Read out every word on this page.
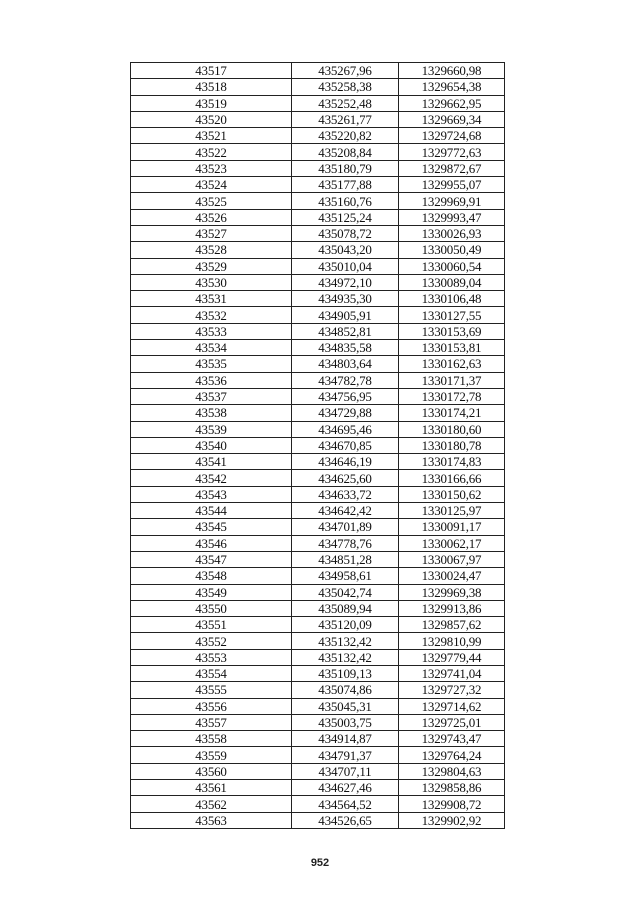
43517	435267,96	1329660,98
43518	435258,38	1329654,38
43519	435252,48	1329662,95
43520	435261,77	1329669,34
43521	435220,82	1329724,68
43522	435208,84	1329772,63
43523	435180,79	1329872,67
43524	435177,88	1329955,07
43525	435160,76	1329969,91
43526	435125,24	1329993,47
43527	435078,72	1330026,93
43528	435043,20	1330050,49
43529	435010,04	1330060,54
43530	434972,10	1330089,04
43531	434935,30	1330106,48
43532	434905,91	1330127,55
43533	434852,81	1330153,69
43534	434835,58	1330153,81
43535	434803,64	1330162,63
43536	434782,78	1330171,37
43537	434756,95	1330172,78
43538	434729,88	1330174,21
43539	434695,46	1330180,60
43540	434670,85	1330180,78
43541	434646,19	1330174,83
43542	434625,60	1330166,66
43543	434633,72	1330150,62
43544	434642,42	1330125,97
43545	434701,89	1330091,17
43546	434778,76	1330062,17
43547	434851,28	1330067,97
43548	434958,61	1330024,47
43549	435042,74	1329969,38
43550	435089,94	1329913,86
43551	435120,09	1329857,62
43552	435132,42	1329810,99
43553	435132,42	1329779,44
43554	435109,13	1329741,04
43555	435074,86	1329727,32
43556	435045,31	1329714,62
43557	435003,75	1329725,01
43558	434914,87	1329743,47
43559	434791,37	1329764,24
43560	434707,11	1329804,63
43561	434627,46	1329858,86
43562	434564,52	1329908,72
43563	434526,65	1329902,92
952
